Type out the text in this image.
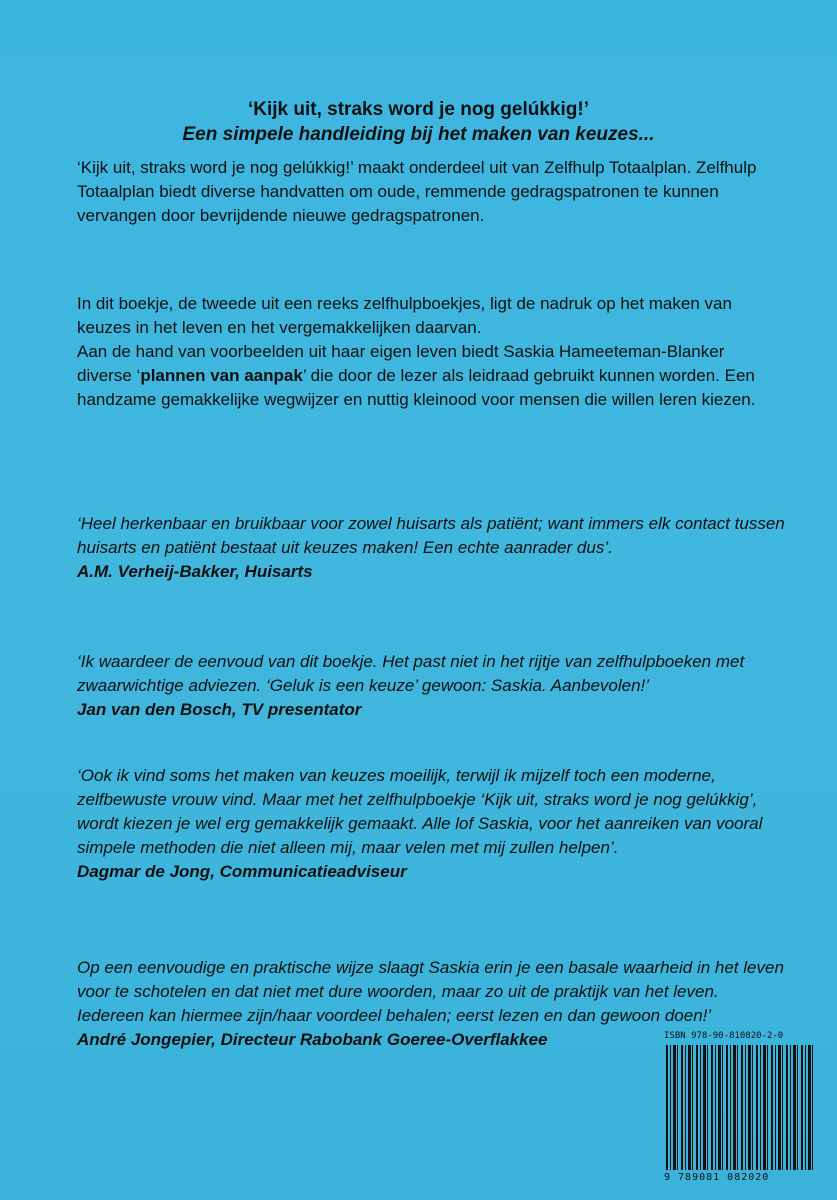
‘Kijk uit, straks word je nog gelúkkig!’
Een simpele handleiding bij het maken van keuzes...

‘Kijk uit, straks word je nog gelúkkig!’ maakt onderdeel uit van Zelfhulp Totaalplan. Zelfhulp Totaalplan biedt diverse handvatten om oude, remmende gedragspatronen te kunnen vervangen door bevrijdende nieuwe gedragspatronen.

In dit boekje, de tweede uit een reeks zelfhulpboekjes, ligt de nadruk op het maken van keuzes in het leven en het vergemakkelijken daarvan.

Aan de hand van voorbeelden uit haar eigen leven biedt Saskia Hameeteman-Blanker diverse ‘plannen van aanpak’ die door de lezer als leidraad gebruikt kunnen worden. Een handzame gemakkelijke wegwijzer en nuttig kleinood voor mensen die willen leren kiezen.

‘Heel herkenbaar en bruikbaar voor zowel huisarts als patiënt; want immers elk contact tussen huisarts en patiënt bestaat uit keuzes maken! Een echte aanrader dus’.

A.M. Verheij-Bakker, Huisarts

‘Ik waardeer de eenvoud van dit boekje. Het past niet in het rijtje van zelfhulpboeken met zwaarwichtige adviezen. ‘Geluk is een keuze’ gewoon: Saskia. Aanbevolen!’

Jan van den Bosch, TV presentator

‘Ook ik vind soms het maken van keuzes moeilijk, terwijl ik mijzelf toch een moderne, zelfbewuste vrouw vind. Maar met het zelfhulpboekje ‘Kijk uit, straks word je nog gelúkkig’, wordt kiezen je wel erg gemakkelijk gemaakt. Alle lof Saskia, voor het aanreiken van vooral simpele methoden die niet alleen mij, maar velen met mij zullen helpen’.

Dagmar de Jong, Communicatieadviseur

Op een eenvoudige en praktische wijze slaagt Saskia erin je een basale waarheid in het leven voor te schotelen en dat niet met dure woorden, maar zo uit de praktijk van het leven. Iedereen kan hiermee zijn/haar voordeel behalen; eerst lezen en dan gewoon doen!’

André Jongepier, Directeur Rabobank Goeree-Overflakkee	ISBN 978-90-810820-2-0
9 789081 082020
